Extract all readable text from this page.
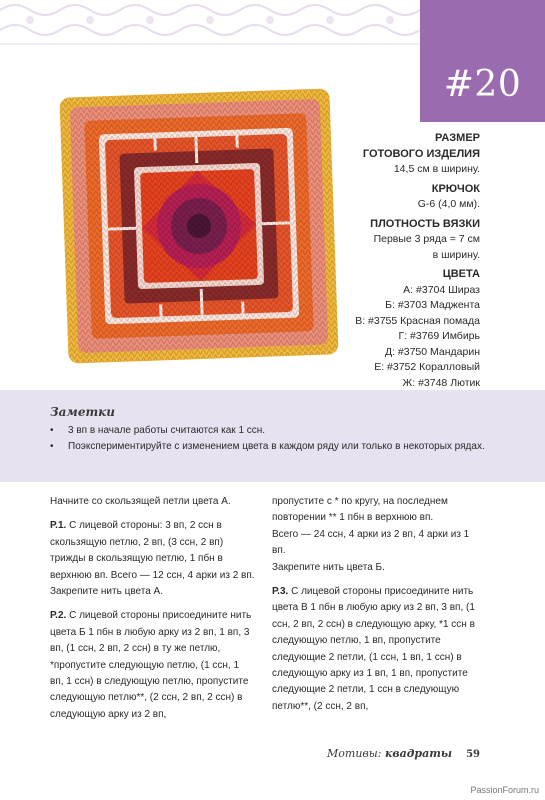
#20
РАЗМЕР
ГОТОВОГО ИЗДЕЛИЯ
14,5 см в ширину.
КРЮЧОК
G-6 (4,0 мм).
ПЛОТНОСТЬ ВЯЗКИ
Первые 3 ряда = 7 см
в ширину.
ЦВЕТА
А: #3704 Шираз
Б: #3703 Маджента
В: #3755 Красная помада
Г: #3769 Имбирь
Д: #3750 Мандарин
Е: #3752 Коралловый
Ж: #3748 Лютик
Заметки
• 3 вп в начале работы считаются как 1 ссн.
• Поэкспериментируйте с изменением цвета в каждом ряду или только в некоторых рядах.

Начните со скользящей петли цвета А.

Р.1. С лицевой стороны: 3 вп, 2 ссн в скользящую петлю, 2 вп, (3 ссн, 2 вп) трижды в скользящую петлю, 1 пбн в верхнюю вп. Всего — 12 ссн, 4 арки из 2 вп. Закрепите нить цвета А.

Р.2. С лицевой стороны присоедините нить цвета Б 1 пбн в любую арку из 2 вп, 1 вп, 3 вп, (1 ссн, 2 вп, 2 ссн) в ту же петлю, *пропустите следующую петлю, (1 ссн, 1 вп, 1 ссн) в следующую петлю, пропустите следующую петлю**, (2 ссн, 2 вп, 2 ссн) в следующую арку из 2 вп,

пропустите с * по кругу, на последнем повторении ** 1 пбн в верхнюю вп.

Всего — 24 ссн, 4 арки из 2 вп, 4 арки из 1 вп.

Закрепите нить цвета Б.

Р.3. С лицевой стороны присоедините нить цвета В 1 пбн в любую арку из 2 вп, 3 вп, (1 ссн, 2 вп, 2 ссн) в следующую арку, *1 ссн в следующую петлю, 1 вп, пропустите следующие 2 петли, (1 ссн, 1 вп, 1 ссн) в следующую арку из 1 вп, 1 вп, пропустите следующие 2 петли, 1 ссн в следующую петлю**, (2 ссн, 2 вп,

Мотивы: квадраты 59
PassionForum.ru
